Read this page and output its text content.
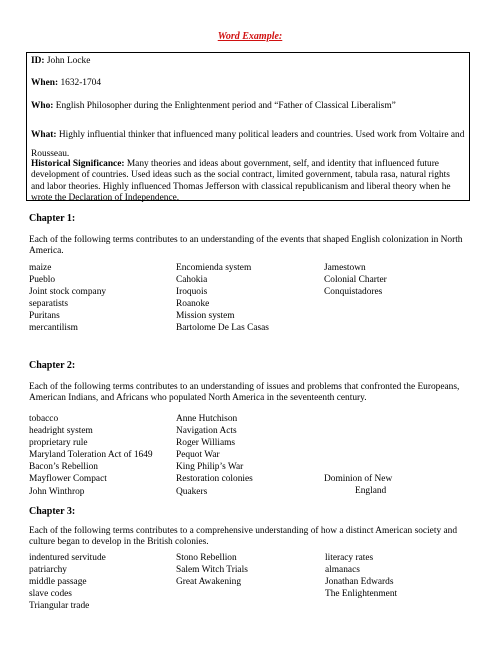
Word Example:

ID: John Locke

When: 1632-1704

Who: English Philosopher during the Enlightenment period and “Father of Classical Liberalism”

What: Highly influential thinker that influenced many political leaders and countries. Used work from Voltaire and Rousseau.

Historical Significance: Many theories and ideas about government, self, and identity that influenced future development of countries. Used ideas such as the social contract, limited government, tabula rasa, natural rights and labor theories. Highly influenced Thomas Jefferson with classical republicanism and liberal theory when he wrote the Declaration of Independence.

Chapter 1:

Each of the following terms contributes to an understanding of the events that shaped English colonization in North America.

maize
Pueblo
Joint stock company
separatists
Puritans
mercantilism
Encomienda system
Cahokia
Iroquois
Roanoke
Mission system
Bartolome De Las Casas
Jamestown
Colonial Charter
Conquistadores
Chapter 2:

Each of the following terms contributes to an understanding of issues and problems that confronted the Europeans, American Indians, and Africans who populated North America in the seventeenth century.

tobacco
headright system
proprietary rule
Maryland Toleration Act of 1649
Bacon’s Rebellion
Mayflower Compact
John Winthrop
Anne Hutchison
Navigation Acts
Roger Williams
Pequot War
King Philip’s War
Restoration colonies
Quakers
Dominion of New
England
Chapter 3:

Each of the following terms contributes to a comprehensive understanding of how a distinct American society and culture began to develop in the British colonies.

indentured servitude
patriarchy
middle passage
slave codes
Triangular trade
Stono Rebellion
Salem Witch Trials
Great Awakening
literacy rates
almanacs
Jonathan Edwards
The Enlightenment
